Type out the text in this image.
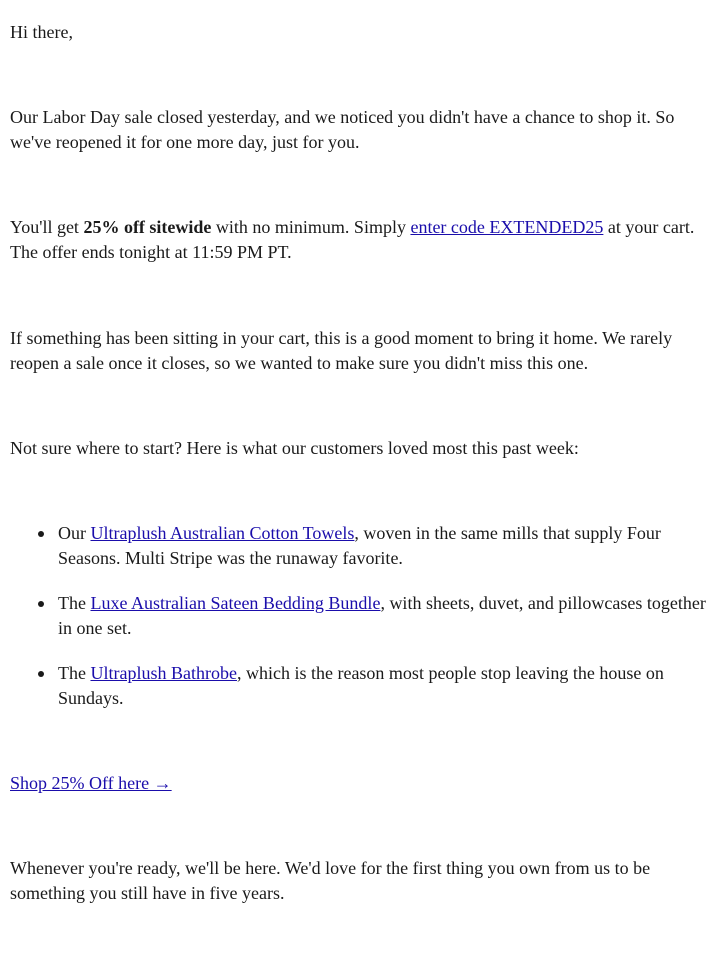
Hi there,

Our Labor Day sale closed yesterday, and we noticed you didn't have a chance to shop it. So we've reopened it for one more day, just for you.

You'll get 25% off sitewide with no minimum. Simply enter code EXTENDED25 at your cart. The offer ends tonight at 11:59 PM PT.

If something has been sitting in your cart, this is a good moment to bring it home. We rarely reopen a sale once it closes, so we wanted to make sure you didn't miss this one.

Not sure where to start? Here is what our customers loved most this past week:

Our Ultraplush Australian Cotton Towels, woven in the same mills that supply Four Seasons. Multi Stripe was the runaway favorite.
The Luxe Australian Sateen Bedding Bundle, with sheets, duvet, and pillowcases together in one set.
The Ultraplush Bathrobe, which is the reason most people stop leaving the house on Sundays.

Shop 25% Off here →

Whenever you're ready, we'll be here. We'd love for the first thing you own from us to be something you still have in five years.
